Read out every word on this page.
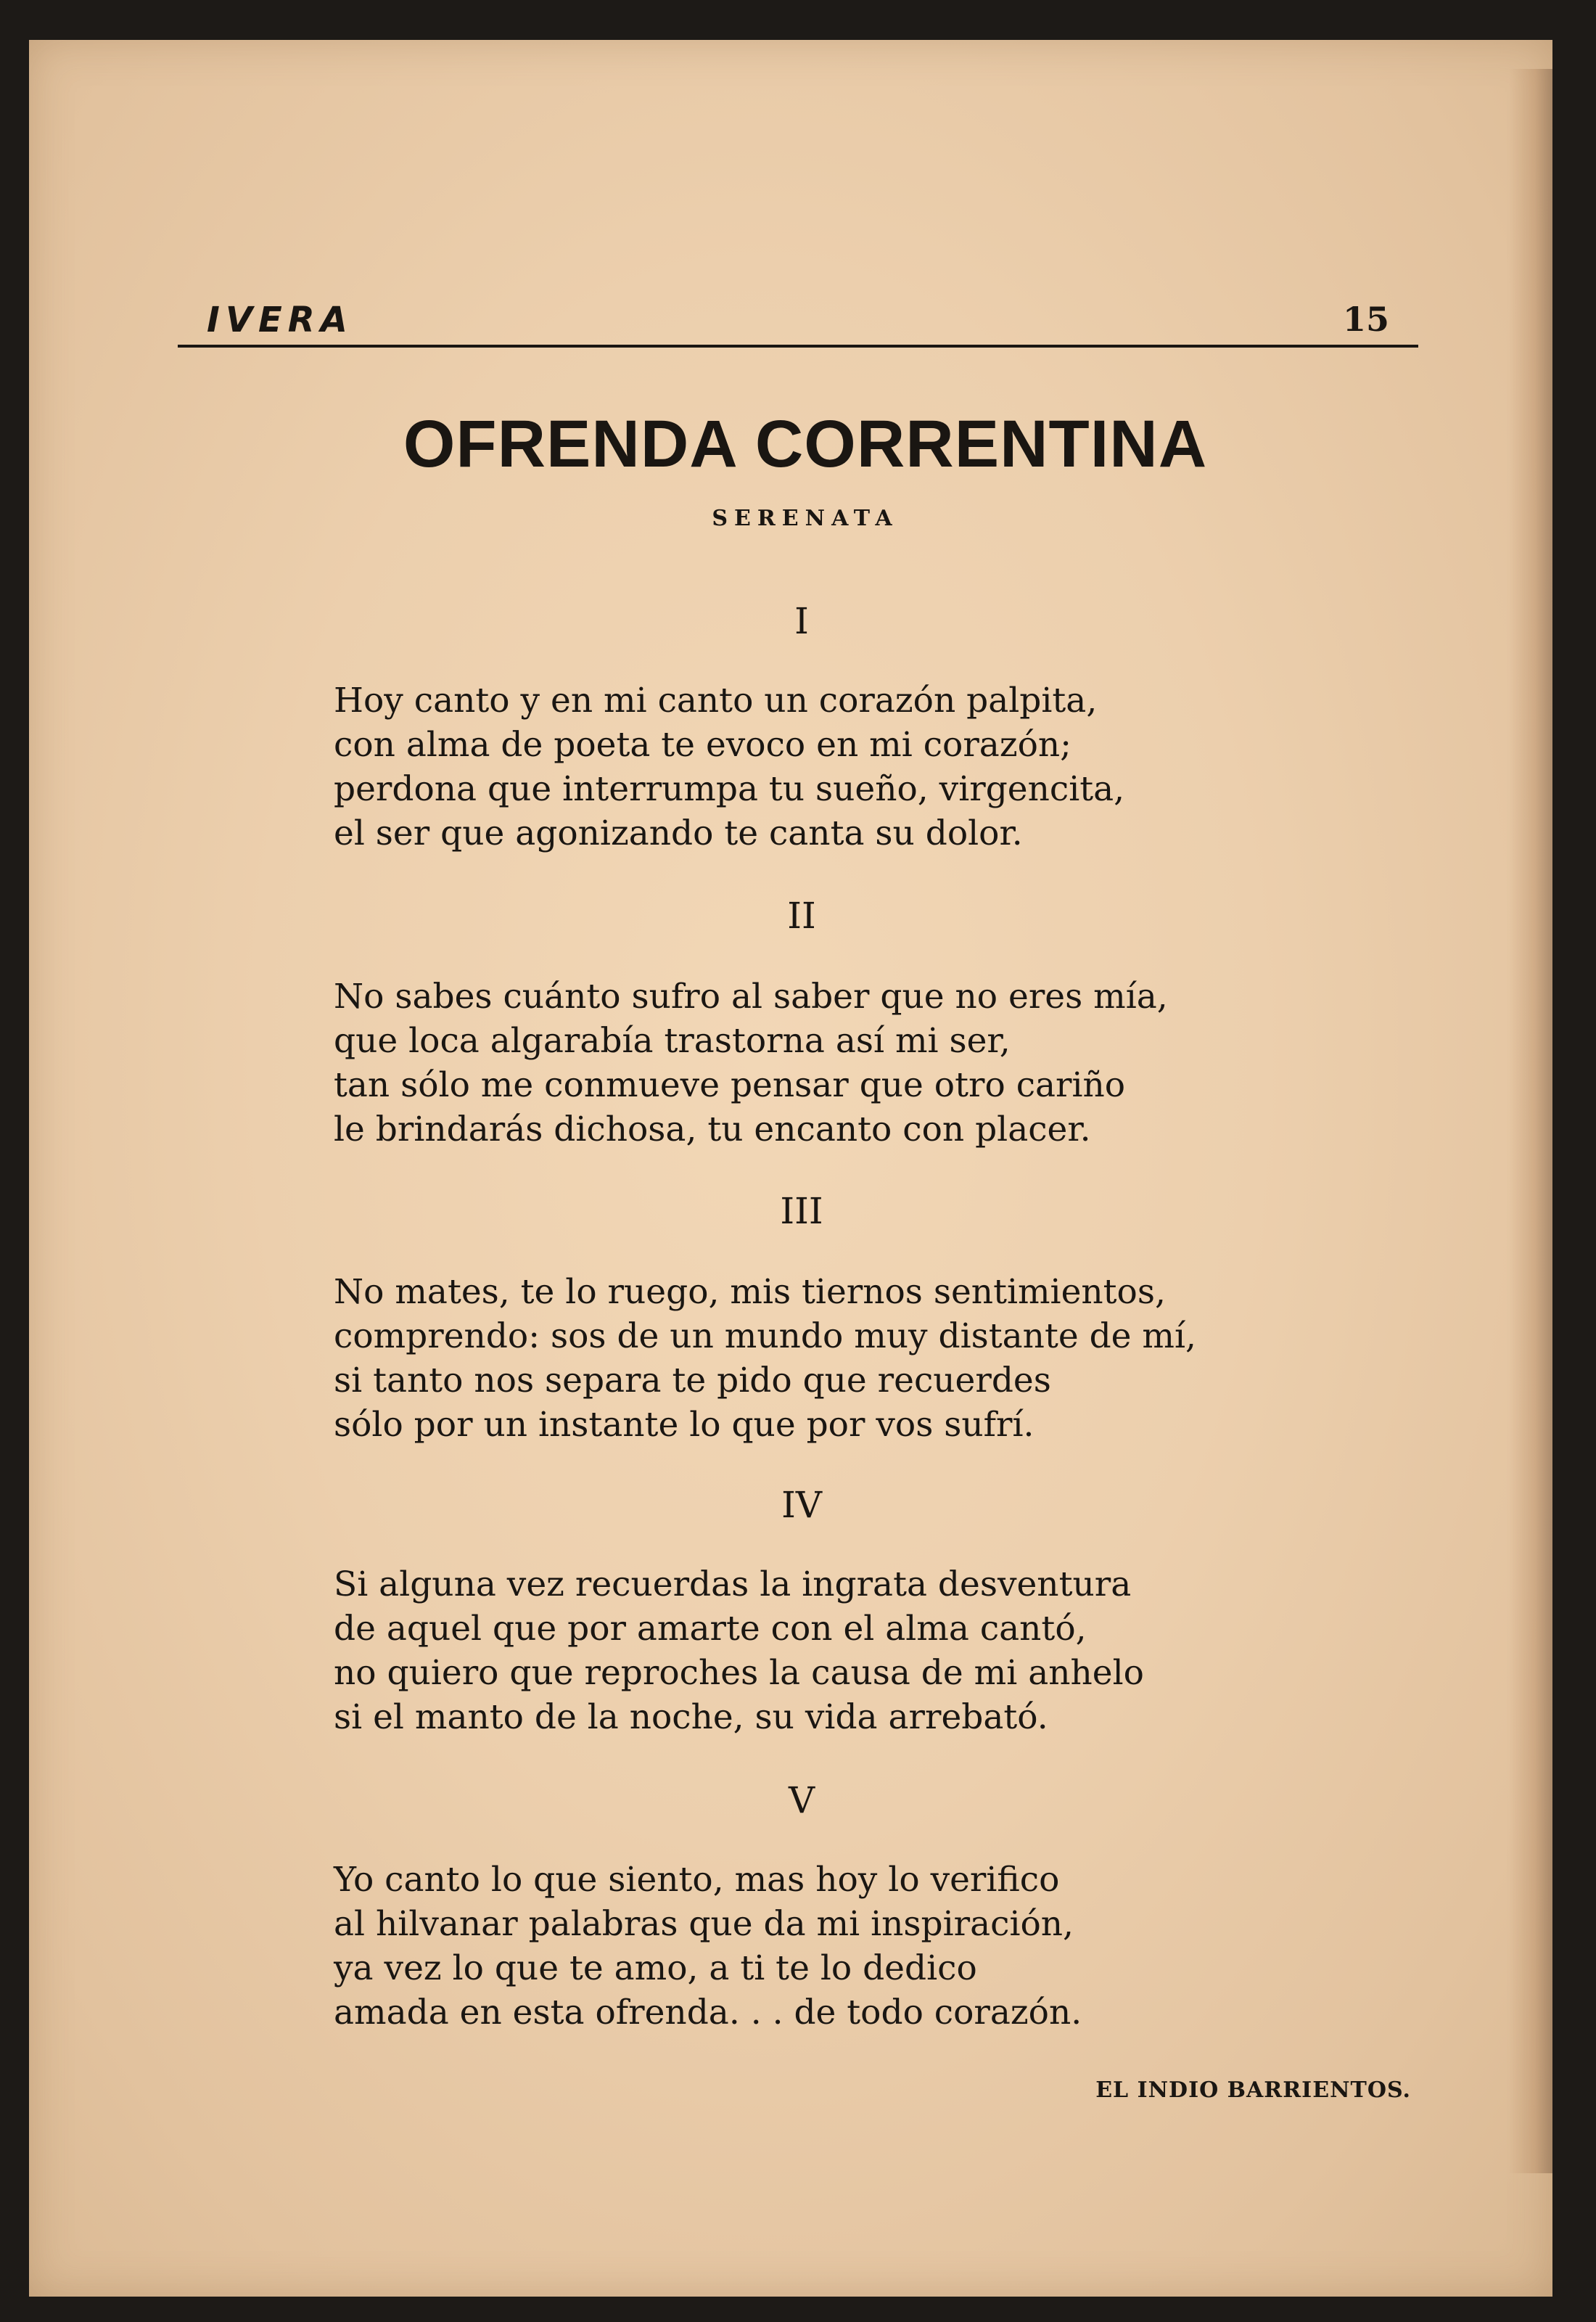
IVERA	15
OFRENDA CORRENTINA
SERENATA
I
Hoy canto y en mi canto un corazón palpita,
con alma de poeta te evoco en mi corazón;
perdona que interrumpa tu sueño, virgencita,
el ser que agonizando te canta su dolor.
II
No sabes cuánto sufro al saber que no eres mía,
que loca algarabía trastorna así mi ser,
tan sólo me conmueve pensar que otro cariño
le brindarás dichosa, tu encanto con placer.
III
No mates, te lo ruego, mis tiernos sentimientos,
comprendo: sos de un mundo muy distante de mí,
si tanto nos separa te pido que recuerdes
sólo por un instante lo que por vos sufrí.
IV
Si alguna vez recuerdas la ingrata desventura
de aquel que por amarte con el alma cantó,
no quiero que reproches la causa de mi anhelo
si el manto de la noche, su vida arrebató.
V
Yo canto lo que siento, mas hoy lo verifico
al hilvanar palabras que da mi inspiración,
ya vez lo que te amo, a ti te lo dedico
amada en esta ofrenda. . . de todo corazón.
EL INDIO BARRIENTOS.
